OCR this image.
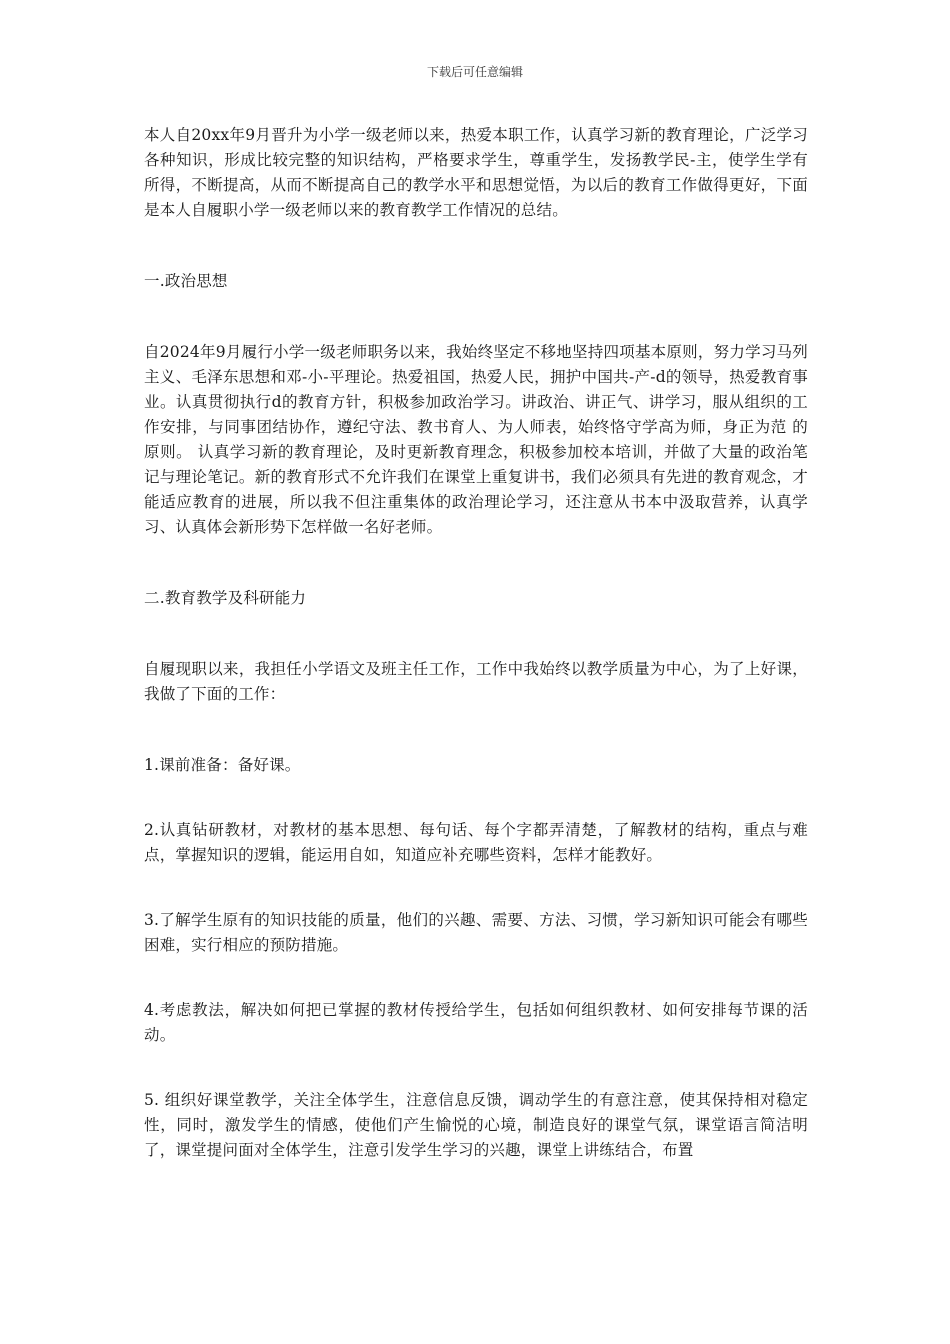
下载后可任意编辑

本人自20xx年9月晋升为小学一级老师以来，热爱本职工作，认真学习新的教育理论，广泛学习各种知识，形成比较完整的知识结构，严格要求学生，尊重学生，发扬教学民-主，使学生学有所得，不断提高，从而不断提高自己的教学水平和思想觉悟，为以后的教育工作做得更好，下面是本人自履职小学一级老师以来的教育教学工作情况的总结。

一.政治思想

自2024年9月履行小学一级老师职务以来，我始终坚定不移地坚持四项基本原则，努力学习马列主义、毛泽东思想和邓-小-平理论。热爱祖国，热爱人民，拥护中国共-产-d的领导，热爱教育事业。认真贯彻执行d的教育方针，积极参加政治学习。讲政治、讲正气、讲学习，服从组织的工作安排，与同事团结协作，遵纪守法、教书育人、为人师表，始终恪守学高为师，身正为范 的原则。 认真学习新的教育理论，及时更新教育理念，积极参加校本培训，并做了大量的政治笔记与理论笔记。新的教育形式不允许我们在课堂上重复讲书，我们必须具有先进的教育观念，才能适应教育的进展，所以我不但注重集体的政治理论学习，还注意从书本中汲取营养，认真学习、认真体会新形势下怎样做一名好老师。

二.教育教学及科研能力

自履现职以来，我担任小学语文及班主任工作，工作中我始终以教学质量为中心，为了上好课，我做了下面的工作：

1.课前准备：备好课。

2.认真钻研教材，对教材的基本思想、每句话、每个字都弄清楚，了解教材的结构，重点与难点，掌握知识的逻辑，能运用自如，知道应补充哪些资料，怎样才能教好。

3.了解学生原有的知识技能的质量，他们的兴趣、需要、方法、习惯，学习新知识可能会有哪些困难，实行相应的预防措施。

4.考虑教法，解决如何把已掌握的教材传授给学生，包括如何组织教材、如何安排每节课的活动。

5. 组织好课堂教学，关注全体学生，注意信息反馈，调动学生的有意注意，使其保持相对稳定性，同时，激发学生的情感，使他们产生愉悦的心境，制造良好的课堂气氛，课堂语言简洁明了，课堂提问面对全体学生，注意引发学生学习的兴趣，课堂上讲练结合，布置
